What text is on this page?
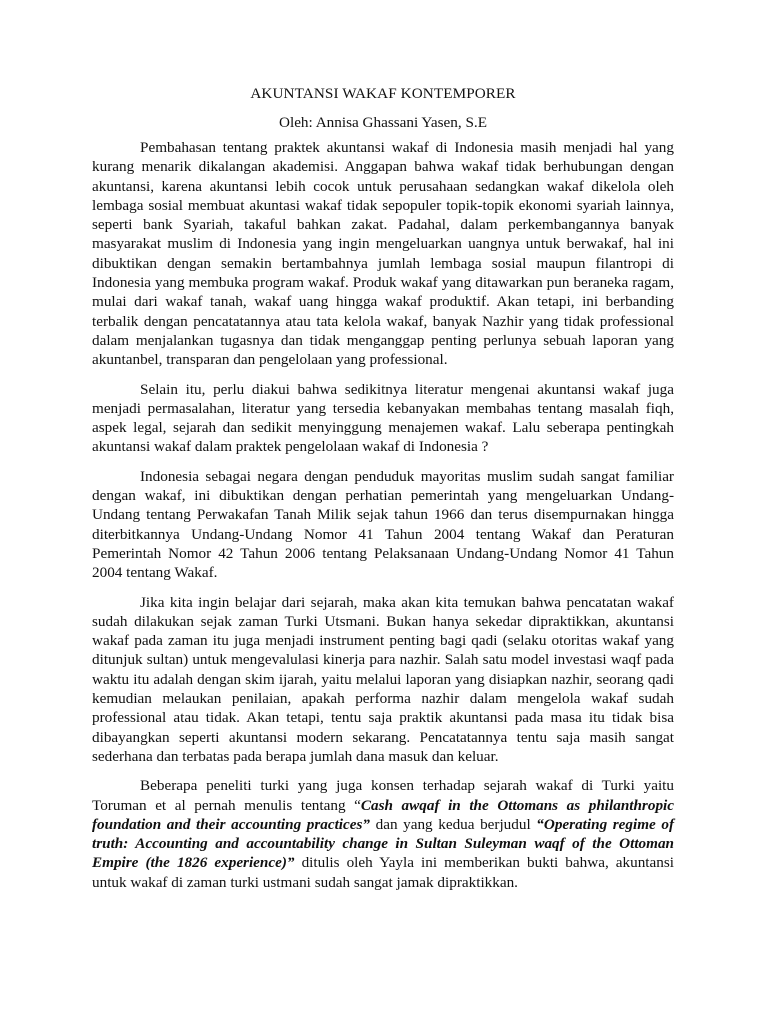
AKUNTANSI WAKAF KONTEMPORER
Oleh: Annisa Ghassani Yasen, S.E

Pembahasan tentang praktek akuntansi wakaf di Indonesia masih menjadi hal yang kurang menarik dikalangan akademisi. Anggapan bahwa wakaf tidak berhubungan dengan akuntansi, karena akuntansi lebih cocok untuk perusahaan sedangkan wakaf dikelola oleh lembaga sosial membuat akuntasi wakaf tidak sepopuler topik-topik ekonomi syariah lainnya, seperti bank Syariah, takaful bahkan zakat. Padahal, dalam perkembangannya banyak masyarakat muslim di Indonesia yang ingin mengeluarkan uangnya untuk berwakaf, hal ini dibuktikan dengan semakin bertambahnya jumlah lembaga sosial maupun filantropi di Indonesia yang membuka program wakaf. Produk wakaf yang ditawarkan pun beraneka ragam, mulai dari wakaf tanah, wakaf uang hingga wakaf produktif. Akan tetapi, ini berbanding terbalik dengan pencatatannya atau tata kelola wakaf, banyak Nazhir yang tidak professional dalam menjalankan tugasnya dan tidak menganggap penting perlunya sebuah laporan yang akuntanbel, transparan dan pengelolaan yang professional.

Selain itu, perlu diakui bahwa sedikitnya literatur mengenai akuntansi wakaf juga menjadi permasalahan, literatur yang tersedia kebanyakan membahas tentang masalah fiqh, aspek legal, sejarah dan sedikit menyinggung menajemen wakaf. Lalu seberapa pentingkah akuntansi wakaf dalam praktek pengelolaan wakaf di Indonesia ?

Indonesia sebagai negara dengan penduduk mayoritas muslim sudah sangat familiar dengan wakaf, ini dibuktikan dengan perhatian pemerintah yang mengeluarkan Undang-Undang tentang Perwakafan Tanah Milik sejak tahun 1966 dan terus disempurnakan hingga diterbitkannya Undang-Undang Nomor 41 Tahun 2004 tentang Wakaf dan Peraturan Pemerintah Nomor 42 Tahun 2006 tentang Pelaksanaan Undang-Undang Nomor 41 Tahun 2004 tentang Wakaf.

Jika kita ingin belajar dari sejarah, maka akan kita temukan bahwa pencatatan wakaf sudah dilakukan sejak zaman Turki Utsmani. Bukan hanya sekedar dipraktikkan, akuntansi wakaf pada zaman itu juga menjadi instrument penting bagi qadi (selaku otoritas wakaf yang ditunjuk sultan) untuk mengevalulasi kinerja para nazhir. Salah satu model investasi waqf pada waktu itu adalah dengan skim ijarah, yaitu melalui laporan yang disiapkan nazhir, seorang qadi kemudian melaukan penilaian, apakah performa nazhir dalam mengelola wakaf sudah professional atau tidak. Akan tetapi, tentu saja praktik akuntansi pada masa itu tidak bisa dibayangkan seperti akuntansi modern sekarang. Pencatatannya tentu saja masih sangat sederhana dan terbatas pada berapa jumlah dana masuk dan keluar.

Beberapa peneliti turki yang juga konsen terhadap sejarah wakaf di Turki yaitu Toruman et al pernah menulis tentang “Cash awqaf in the Ottomans as philanthropic foundation and their accounting practices” dan yang kedua berjudul “Operating regime of truth: Accounting and accountability change in Sultan Suleyman waqf of the Ottoman Empire (the 1826 experience)” ditulis oleh Yayla ini memberikan bukti bahwa, akuntansi untuk wakaf di zaman turki ustmani sudah sangat jamak dipraktikkan.
